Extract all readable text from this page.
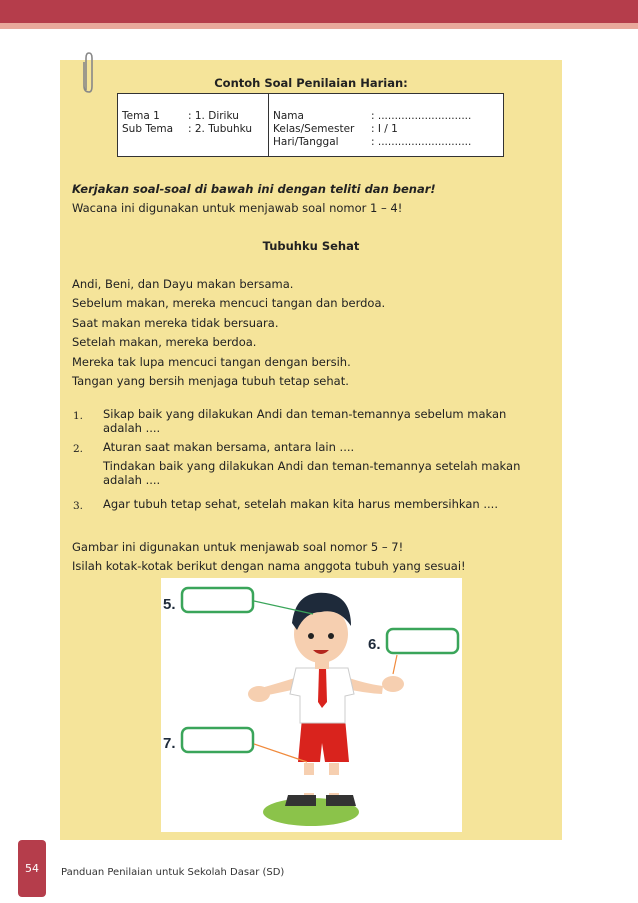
Contoh Soal Penilaian Harian:
Tema 1	: 1. Diriku
Sub Tema : 2. Tubuhku
Nama	: ............................
Kelas/Semester : I / 1
Hari/Tanggal	: ............................
Kerjakan soal-soal di bawah ini dengan teliti dan benar!
Wacana ini digunakan untuk menjawab soal nomor 1 – 4!
Tubuhku Sehat
Andi, Beni, dan Dayu makan bersama.
Sebelum makan, mereka mencuci tangan dan berdoa.
Saat makan mereka tidak bersuara.
Setelah makan, mereka berdoa.
Mereka tak lupa mencuci tangan dengan bersih.
Tangan yang bersih menjaga tubuh tetap sehat.
1. Sikap baik yang dilakukan Andi dan teman-temannya sebelum makan adalah ....
2. Aturan saat makan bersama, antara lain ....
Tindakan baik yang dilakukan Andi dan teman-temannya setelah makan adalah ....
3. Agar tubuh tetap sehat, setelah makan kita harus membersihkan ....
Gambar ini digunakan untuk menjawab soal nomor 5 – 7!
Isilah kotak-kotak berikut dengan nama anggota tubuh yang sesuai!
5.
6.
7.
54	Panduan Penilaian untuk Sekolah Dasar (SD)
